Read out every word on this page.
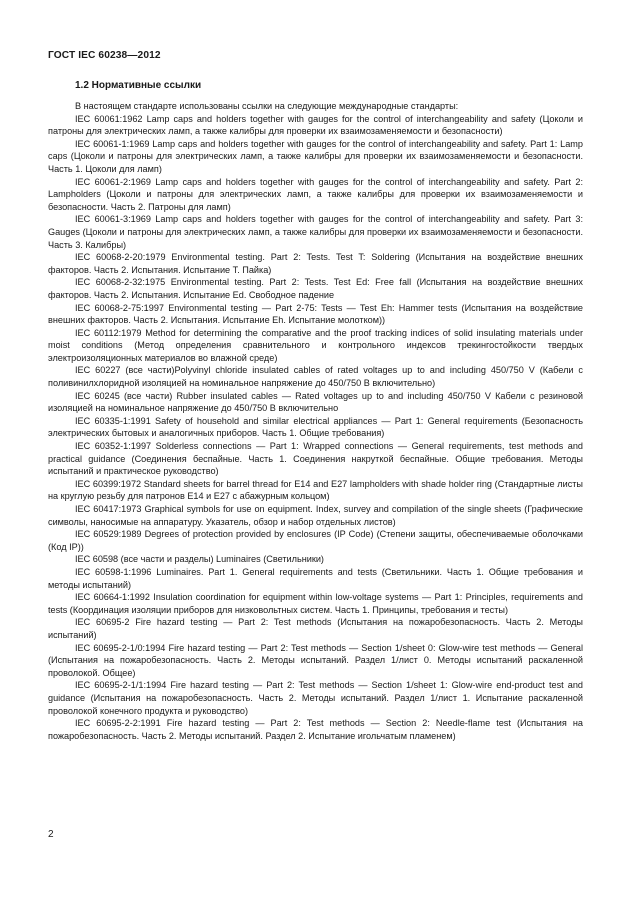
ГОСТ IEC 60238—2012
1.2 Нормативные ссылки

В настоящем стандарте использованы ссылки на следующие международные стандарты:

IEC 60061:1962 Lamp caps and holders together with gauges for the control of interchangeability and safety (Цоколи и патроны для электрических ламп, а также калибры для проверки их взаимозаменяемости и безопасности)

IEC 60061-1:1969 Lamp caps and holders together with gauges for the control of interchangeability and safety. Part 1: Lamp caps (Цоколи и патроны для электрических ламп, а также калибры для проверки их взаимозаменяемости и безопасности. Часть 1. Цоколи для ламп)

IEC 60061-2:1969 Lamp caps and holders together with gauges for the control of interchangeability and safety. Part 2: Lampholders (Цоколи и патроны для электрических ламп, а также калибры для проверки их взаимозаменяемости и безопасности. Часть 2. Патроны для ламп)

IEC 60061-3:1969 Lamp caps and holders together with gauges for the control of interchangeability and safety. Part 3: Gauges (Цоколи и патроны для электрических ламп, а также калибры для проверки их взаимозаменяемости и безопасности. Часть 3. Калибры)

IEC 60068-2-20:1979 Environmental testing. Part 2: Tests. Test T: Soldering (Испытания на воздействие внешних факторов. Часть 2. Испытания. Испытание T. Пайка)

IEC 60068-2-32:1975 Environmental testing. Part 2: Tests. Test Ed: Free fall (Испытания на воздействие внешних факторов. Часть 2. Испытания. Испытание Ed. Свободное падение

IEC 60068-2-75:1997 Environmental testing — Part 2-75: Tests — Test Eh: Hammer tests (Испытания на воздействие внешних факторов. Часть 2. Испытания. Испытание Eh. Испытание молотком))

IEC 60112:1979 Method for determining the comparative and the proof tracking indices of solid insulating materials under moist conditions (Метод определения сравнительного и контрольного индексов трекингостойкости твердых электроизоляционных материалов во влажной среде)

IEC 60227 (все части)Polyvinyl chloride insulated cables of rated voltages up to and including 450/750 V (Кабели с поливинилхлоридной изоляцией на номинальное напряжение до 450/750 В включительно)

IEC 60245 (все части) Rubber insulated cables — Rated voltages up to and including 450/750 V Кабели с резиновой изоляцией на номинальное напряжение до 450/750 В включительно

IEC 60335-1:1991 Safety of household and similar electrical appliances — Part 1: General requirements (Безопасность электрических бытовых и аналогичных приборов. Часть 1. Общие требования)

IEC 60352-1:1997 Solderless connections — Part 1: Wrapped connections — General requirements, test methods and practical guidance (Соединения беспайные. Часть 1. Соединения накруткой беспайные. Общие требования. Методы испытаний и практическое руководство)

IEC 60399:1972 Standard sheets for barrel thread for E14 and E27 lampholders with shade holder ring (Стандартные листы на круглую резьбу для патронов E14 и E27 с абажурным кольцом)

IEC 60417:1973 Graphical symbols for use on equipment. Index, survey and compilation of the single sheets (Графические символы, наносимые на аппаратуру. Указатель, обзор и набор отдельных листов)

IEC 60529:1989 Degrees of protection provided by enclosures (IP Code) (Степени защиты, обеспечиваемые оболочками (Код IP))

IEC 60598 (все части и разделы) Luminaires (Светильники)

IEC 60598-1:1996 Luminaires. Part 1. General requirements and tests (Светильники. Часть 1. Общие требования и методы испытаний)

IEC 60664-1:1992 Insulation coordination for equipment within low-voltage systems — Part 1: Principles, requirements and tests (Координация изоляции приборов для низковольтных систем. Часть 1. Принципы, требования и тесты)

IEC 60695-2 Fire hazard testing — Part 2: Test methods (Испытания на пожаробезопасность. Часть 2. Методы испытаний)

IEC 60695-2-1/0:1994 Fire hazard testing — Part 2: Test methods — Section 1/sheet 0: Glow-wire test methods — General (Испытания на пожаробезопасность. Часть 2. Методы испытаний. Раздел 1/лист 0. Методы испытаний раскаленной проволокой. Общее)

IEC 60695-2-1/1:1994 Fire hazard testing — Part 2: Test methods — Section 1/sheet 1: Glow-wire end-product test and guidance (Испытания на пожаробезопасность. Часть 2. Методы испытаний. Раздел 1/лист 1. Испытание раскаленной проволокой конечного продукта и руководство)

IEC 60695-2-2:1991 Fire hazard testing — Part 2: Test methods — Section 2: Needle-flame test (Испытания на пожаробезопасность. Часть 2. Методы испытаний. Раздел 2. Испытание игольчатым пламенем)

2
